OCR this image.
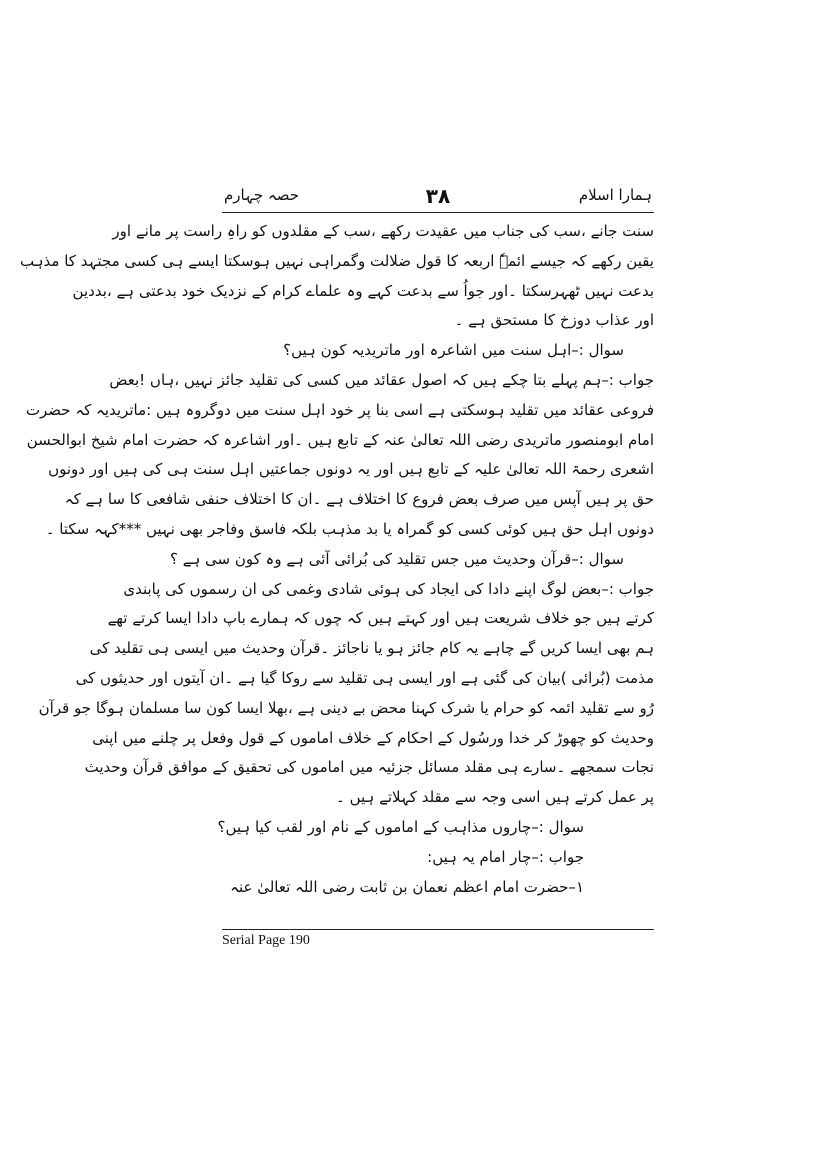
ہمارا اسلام
۳۸
حصہ چہارم
سنت جانے ،سب کی جناب میں عقیدت رکھے ،سب کے مقلدوں کو راہِ راست پر مانے اور
یقین رکھے کہ جیسے ائمہٗ اربعہ کا قول ضلالت وگمراہی نہیں ہوسکتا ایسے ہی کسی مجتہد کا مذہب
بدعت نہیں ٹھہرسکتا ۔اور جواُ سے بدعت کہے وہ علماے کرام کے نزدیک خود بدعتی ہے ،بددین
اور عذاب دوزخ کا مستحق ہے ۔
سوال :–اہل سنت میں اشاعرہ اور ماتریدیہ کون ہیں؟
جواب :–ہم پہلے بتا چکے ہیں کہ اصول عقائد میں کسی کی تقلید جائز نہیں ،ہاں !بعض
فروعی عقائد میں تقلید ہوسکتی ہے اسی بنا پر خود اہل سنت میں دوگروہ ہیں :ماتریدیہ کہ حضرت
امام ابومنصور ماتریدی رضی اللہ تعالیٰ عنہ کے تابع ہیں ۔اور اشاعرہ کہ حضرت امام شیخ ابوالحسن
اشعری رحمۃ اللہ تعالیٰ علیہ کے تابع ہیں اور یہ دونوں جماعتیں اہل سنت ہی کی ہیں اور دونوں
حق پر ہیں آپس میں صرف بعض فروع کا اختلاف ہے ۔ان کا اختلاف حنفی شافعی کا سا ہے کہ
دونوں اہل حق ہیں کوئی کسی کو گمراہ یا بد مذہب بلکہ فاسق وفاجر بھی نہیں ***کہہ سکتا ۔
سوال :–قرآن وحدیث میں جس تقلید کی بُرائی آئی ہے وہ کون سی ہے ؟
جواب :–بعض لوگ اپنے دادا کی ایجاد کی ہوئی شادی وغمی کی ان رسموں کی پابندی
کرتے ہیں جو خلاف شریعت ہیں اور کہتے ہیں کہ چوں کہ ہمارے باپ دادا ایسا کرتے تھے
ہم بھی ایسا کریں گے چاہے یہ کام جائز ہو یا ناجائز ۔قرآن وحدیث میں ایسی ہی تقلید کی
مذمت (بُرائی )بیان کی گئی ہے اور ایسی ہی تقلید سے روکا گیا ہے ۔ان آیتوں اور حدیثوں کی
رُو سے تقلید ائمہ کو حرام یا شرک کہنا محض بے دینی ہے ،بھلا ایسا کون سا مسلمان ہوگا جو قرآن
وحدیث کو چھوڑ کر خدا ورسُول کے احکام کے خلاف اماموں کے قول وفعل پر چلنے میں اپنی
نجات سمجھے ۔سارے ہی مقلد مسائل جزئیہ میں اماموں کی تحقیق کے موافق قرآن وحدیث
پر عمل کرتے ہیں اسی وجہ سے مقلد کہلاتے ہیں ۔
سوال :–چاروں مذاہب کے اماموں کے نام اور لقب کیا ہیں؟
جواب :–چار امام یہ ہیں:
۱–حضرت امام اعظم نعمان بن ثابت رضی اللہ تعالیٰ عنہ
Serial Page 190
